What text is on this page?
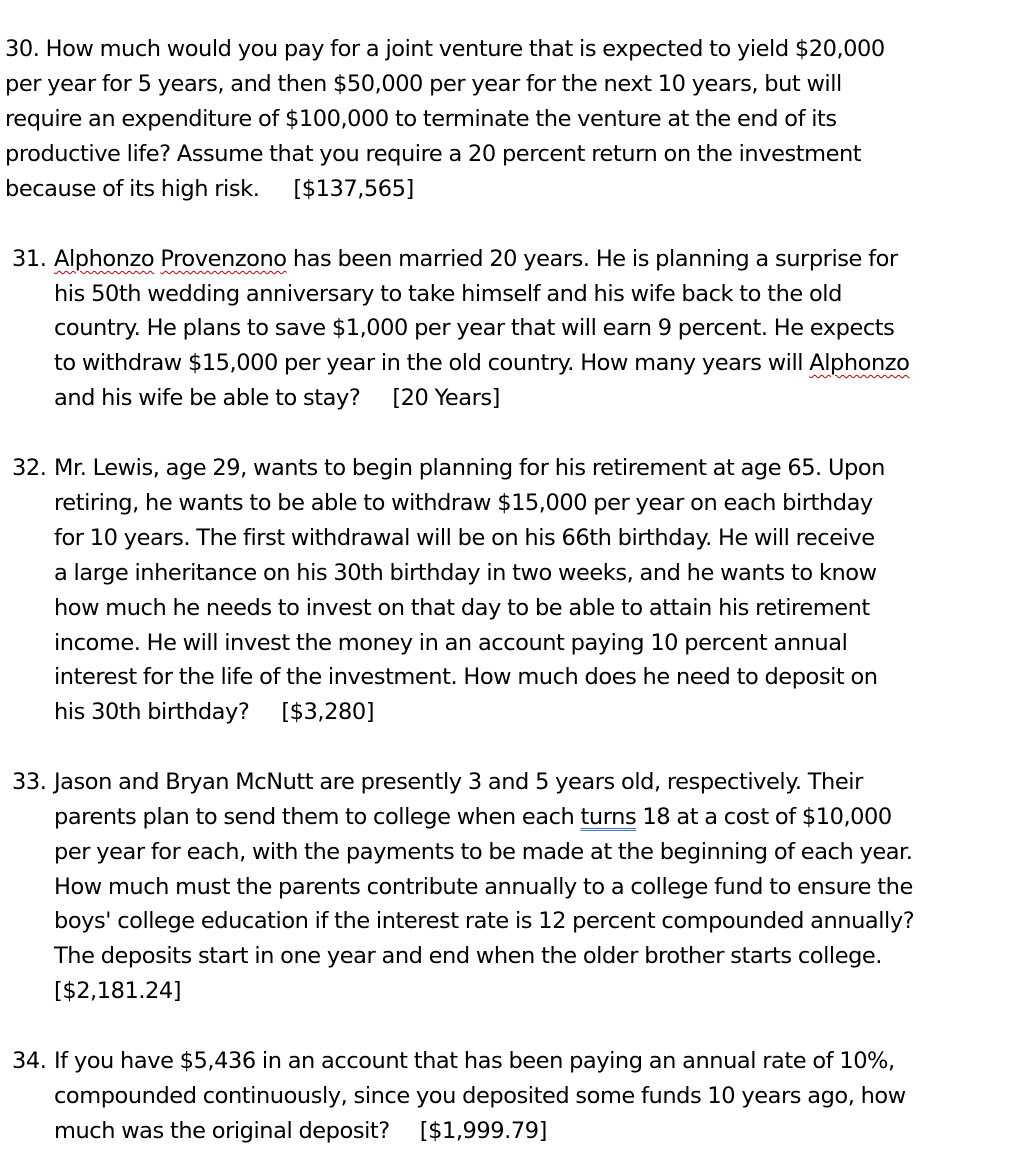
30. How much would you pay for a joint venture that is expected to yield $20,000
per year for 5 years, and then $50,000 per year for the next 10 years, but will
require an expenditure of $100,000 to terminate the venture at the end of its
productive life? Assume that you require a 20 percent return on the investment
because of its high risk. [$137,565]
31. Alphonzo Provenzono has been married 20 years. He is planning a surprise for
his 50th wedding anniversary to take himself and his wife back to the old
country. He plans to save $1,000 per year that will earn 9 percent. He expects
to withdraw $15,000 per year in the old country. How many years will Alphonzo
and his wife be able to stay? [20 Years]
32. Mr. Lewis, age 29, wants to begin planning for his retirement at age 65. Upon
retiring, he wants to be able to withdraw $15,000 per year on each birthday
for 10 years. The first withdrawal will be on his 66th birthday. He will receive
a large inheritance on his 30th birthday in two weeks, and he wants to know
how much he needs to invest on that day to be able to attain his retirement
income. He will invest the money in an account paying 10 percent annual
interest for the life of the investment. How much does he need to deposit on
his 30th birthday? [$3,280]
33. Jason and Bryan McNutt are presently 3 and 5 years old, respectively. Their
parents plan to send them to college when each turns 18 at a cost of $10,000
per year for each, with the payments to be made at the beginning of each year.
How much must the parents contribute annually to a college fund to ensure the
boys' college education if the interest rate is 12 percent compounded annually?
The deposits start in one year and end when the older brother starts college.
[$2,181.24]
34. If you have $5,436 in an account that has been paying an annual rate of 10%,
compounded continuously, since you deposited some funds 10 years ago, how
much was the original deposit? [$1,999.79]
